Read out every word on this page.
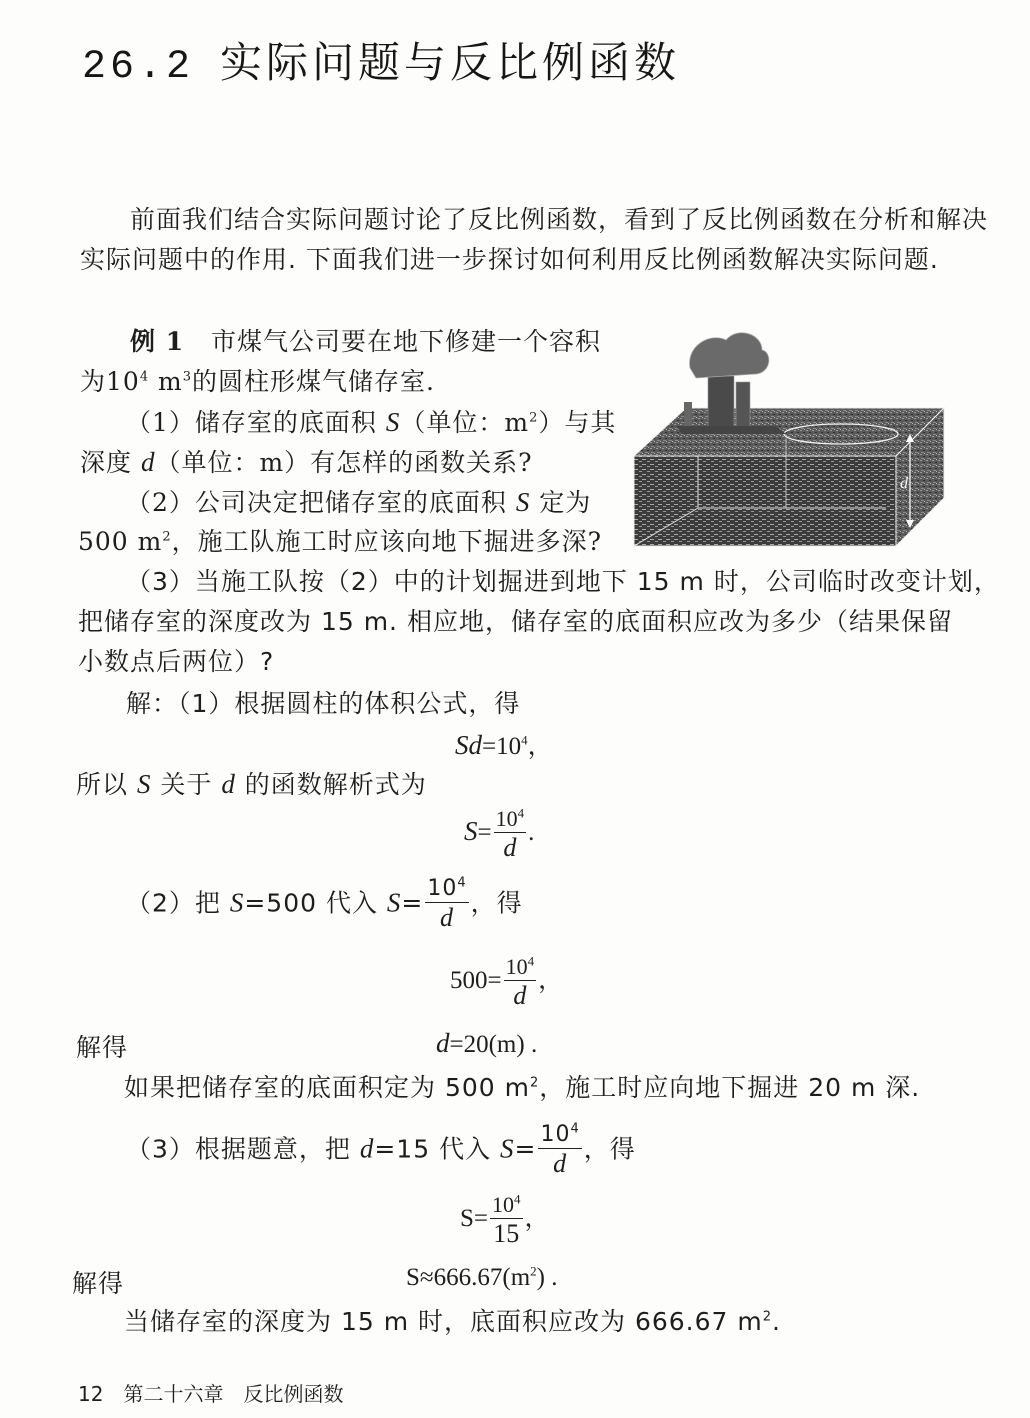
26.2 实际问题与反比例函数
前面我们结合实际问题讨论了反比例函数，看到了反比例函数在分析和解决
实际问题中的作用. 下面我们进一步探讨如何利用反比例函数解决实际问题.
例 1 市煤气公司要在地下修建一个容积
为$10^4$ $m^3$的圆柱形煤气储存室.
（1）储存室的底面积 S（单位：$m^2$）与其
深度 d（单位：m）有怎样的函数关系?
（2）公司决定把储存室的底面积 S 定为
500 $m^2$，施工队施工时应该向地下掘进多深?
d
（3）当施工队按（2）中的计划掘进到地下 15 m 时，公司临时改变计划，
把储存室的深度改为 15 m. 相应地，储存室的底面积应改为多少（结果保留
小数点后两位）?
解：（1）根据圆柱的体积公式，得
$Sd=10^4$，
所以 S 关于 d 的函数解析式为
$S= \frac{10^4}{d}$ .
（2）把 S=500 代入 $S= \frac{10^4}{d}$ ，得
$500= \frac{10^4}{d}$ ，
解得	d=20(m) .
如果把储存室的底面积定为 500 $m^2$，施工时应向地下掘进 20 m 深.
（3）根据题意，把 d=15 代入 $S= \frac{10^4}{d}$ ，得
$S= \frac{10^4}{15}$ ，
解得	$S\approx 666.67(m^2)$ .
当储存室的深度为 15 m 时，底面积应改为 666.67 $m^2$.
12 第二十六章 反比例函数
